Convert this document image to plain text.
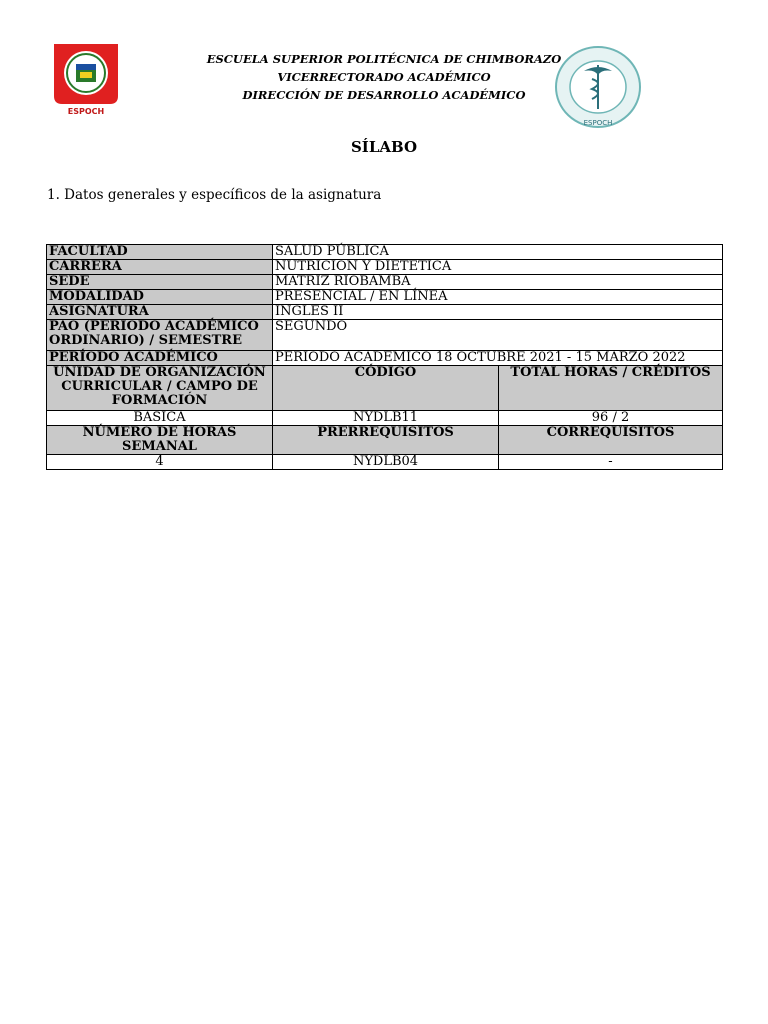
ESPOCH
ESCUELA SUPERIOR POLITÉCNICA DE CHIMBORAZO
VICERRECTORADO ACADÉMICO
DIRECCIÓN DE DESARROLLO ACADÉMICO
ESPOCH
SÍLABO
1. Datos generales y específicos de la asignatura
FACULTAD	SALUD PÚBLICA	
CARRERA	NUTRICION Y DIETETICA	
SEDE	MATRIZ RIOBAMBA	
MODALIDAD	PRESENCIAL / EN LÍNEA	
ASIGNATURA	INGLES II	
PAO (PERIODO ACADÉMICO ORDINARIO) / SEMESTRE	SEGUNDO	
PERÍODO ACADÉMICO	PERIODO ACADEMICO 18 OCTUBRE 2021 - 15 MARZO 2022	
UNIDAD DE ORGANIZACIÓN CURRICULAR / CAMPO DE FORMACIÓN	CÓDIGO	TOTAL HORAS / CRÉDITOS
BASICA	NYDLB11	96 / 2
NÚMERO DE HORAS SEMANAL	PRERREQUISITOS	CORREQUISITOS
4	NYDLB04	-
